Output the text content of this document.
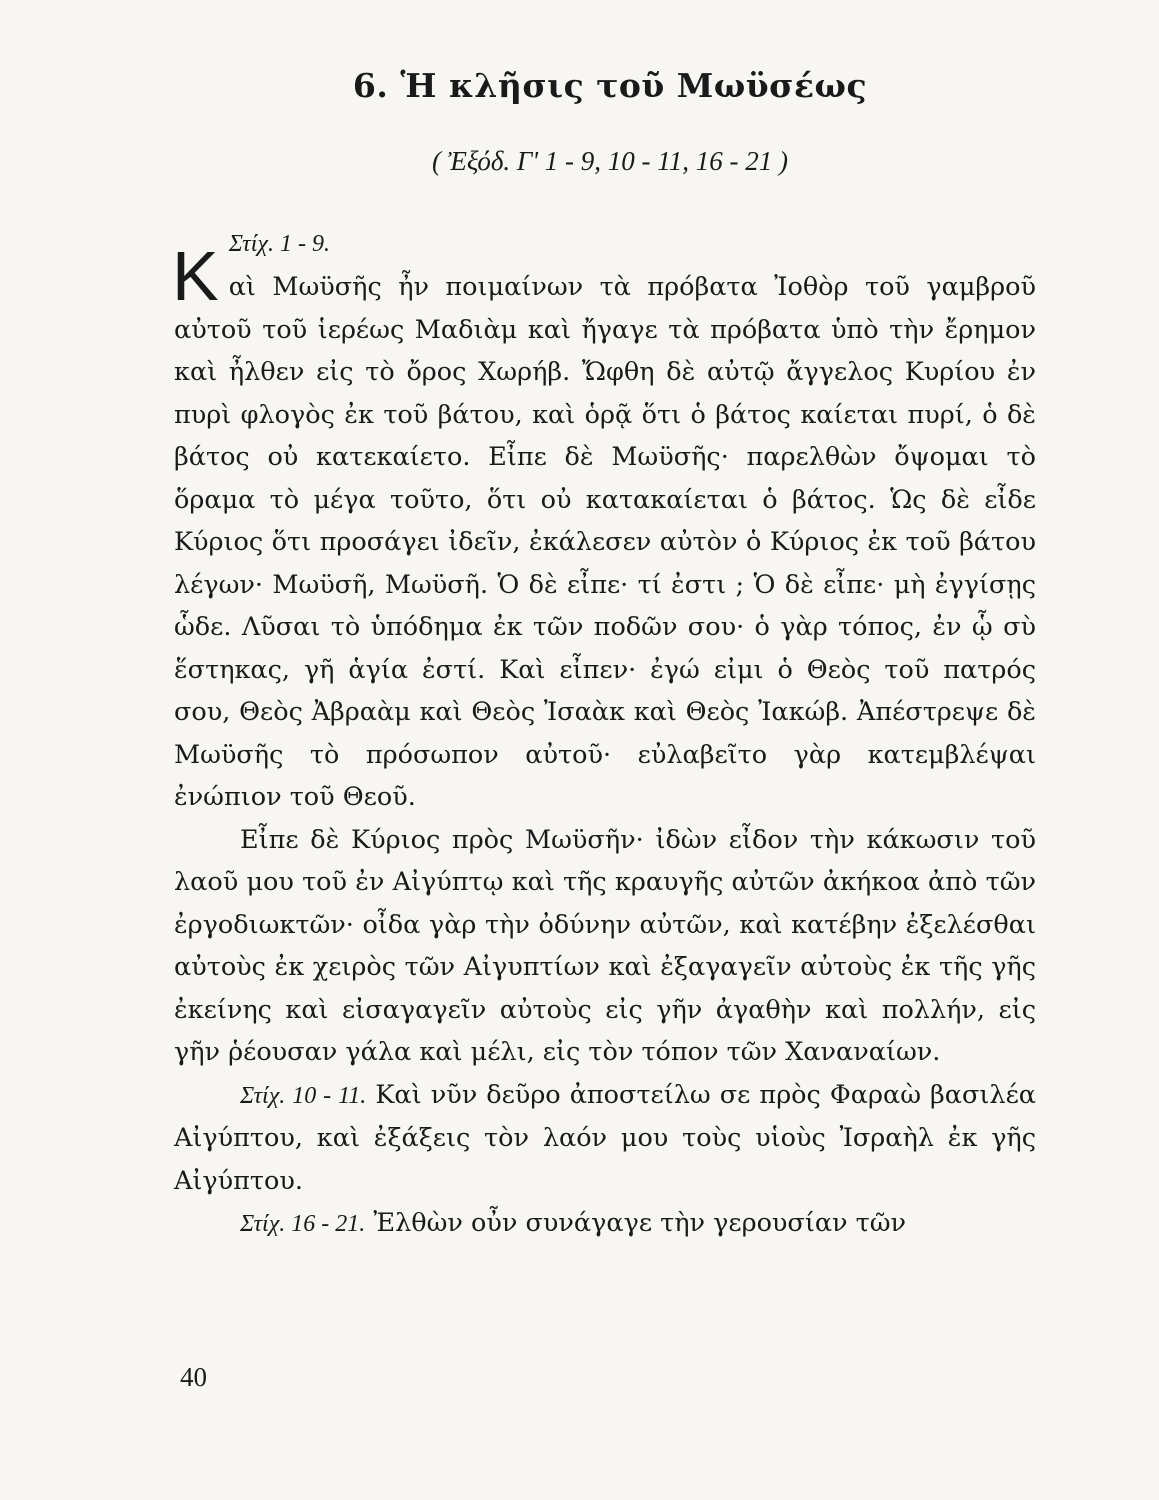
6. Ἡ κλῆσις τοῦ Μωϋσέως
( Ἐξόδ. Γ' 1 - 9, 10 - 11, 16 - 21 )

Κ Στίχ. 1 - 9.
αὶ Μωϋσῆς ἦν ποιμαίνων τὰ πρόβατα Ἰοθὸρ τοῦ γαμβροῦ αὐτοῦ τοῦ ἱερέως Μαδιὰμ καὶ ἤγαγε τὰ πρόβατα ὑπὸ τὴν ἔρημον καὶ ἦλθεν εἰς τὸ ὄρος Χωρήβ. Ὤφθη δὲ αὐτῷ ἄγγελος Κυρίου ἐν πυρὶ φλογὸς ἐκ τοῦ βάτου, καὶ ὁρᾷ ὅτι ὁ βάτος καίεται πυρί, ὁ δὲ βάτος οὐ κατεκαίετο. Εἶπε δὲ Μωϋσῆς· παρελθὼν ὄψομαι τὸ ὅραμα τὸ μέγα τοῦτο, ὅτι οὐ κατακαίεται ὁ βάτος. Ὡς δὲ εἶδε Κύριος ὅτι προσάγει ἰδεῖν, ἐκάλεσεν αὐτὸν ὁ Κύριος ἐκ τοῦ βάτου λέγων· Μωϋσῆ, Μωϋσῆ. Ὁ δὲ εἶπε· τί ἐστι ; Ὁ δὲ εἶπε· μὴ ἐγγίσῃς ὧδε. Λῦσαι τὸ ὑπόδημα ἐκ τῶν ποδῶν σου· ὁ γὰρ τόπος, ἐν ᾧ σὺ ἕστηκας, γῆ ἁγία ἐστί. Καὶ εἶπεν· ἐγώ εἰμι ὁ Θεὸς τοῦ πατρός σου, Θεὸς Ἀβραὰμ καὶ Θεὸς Ἰσαὰκ καὶ Θεὸς Ἰακώβ. Ἀπέστρεψε δὲ Μωϋσῆς τὸ πρόσωπον αὐτοῦ· εὐλαβεῖτο γὰρ κατεμβλέψαι ἐνώπιον τοῦ Θεοῦ.

Εἶπε δὲ Κύριος πρὸς Μωϋσῆν· ἰδὼν εἶδον τὴν κάκωσιν τοῦ λαοῦ μου τοῦ ἐν Αἰγύπτῳ καὶ τῆς κραυγῆς αὐτῶν ἀκήκοα ἀπὸ τῶν ἐργοδιωκτῶν· οἶδα γὰρ τὴν ὀδύνην αὐτῶν, καὶ κατέβην ἐξελέσθαι αὐτοὺς ἐκ χειρὸς τῶν Αἰγυπτίων καὶ ἐξαγαγεῖν αὐτοὺς ἐκ τῆς γῆς ἐκείνης καὶ εἰσαγαγεῖν αὐτοὺς εἰς γῆν ἀγαθὴν καὶ πολλήν, εἰς γῆν ῥέουσαν γάλα καὶ μέλι, εἰς τὸν τόπον τῶν Χαναναίων.

Στίχ. 10 - 11. Καὶ νῦν δεῦρο ἀποστείλω σε πρὸς Φαραὼ βασιλέα Αἰγύπτου, καὶ ἐξάξεις τὸν λαόν μου τοὺς υἱοὺς Ἰσραὴλ ἐκ γῆς Αἰγύπτου.

Στίχ. 16 - 21. Ἐλθὼν οὖν συνάγαγε τὴν γερουσίαν τῶν

40
